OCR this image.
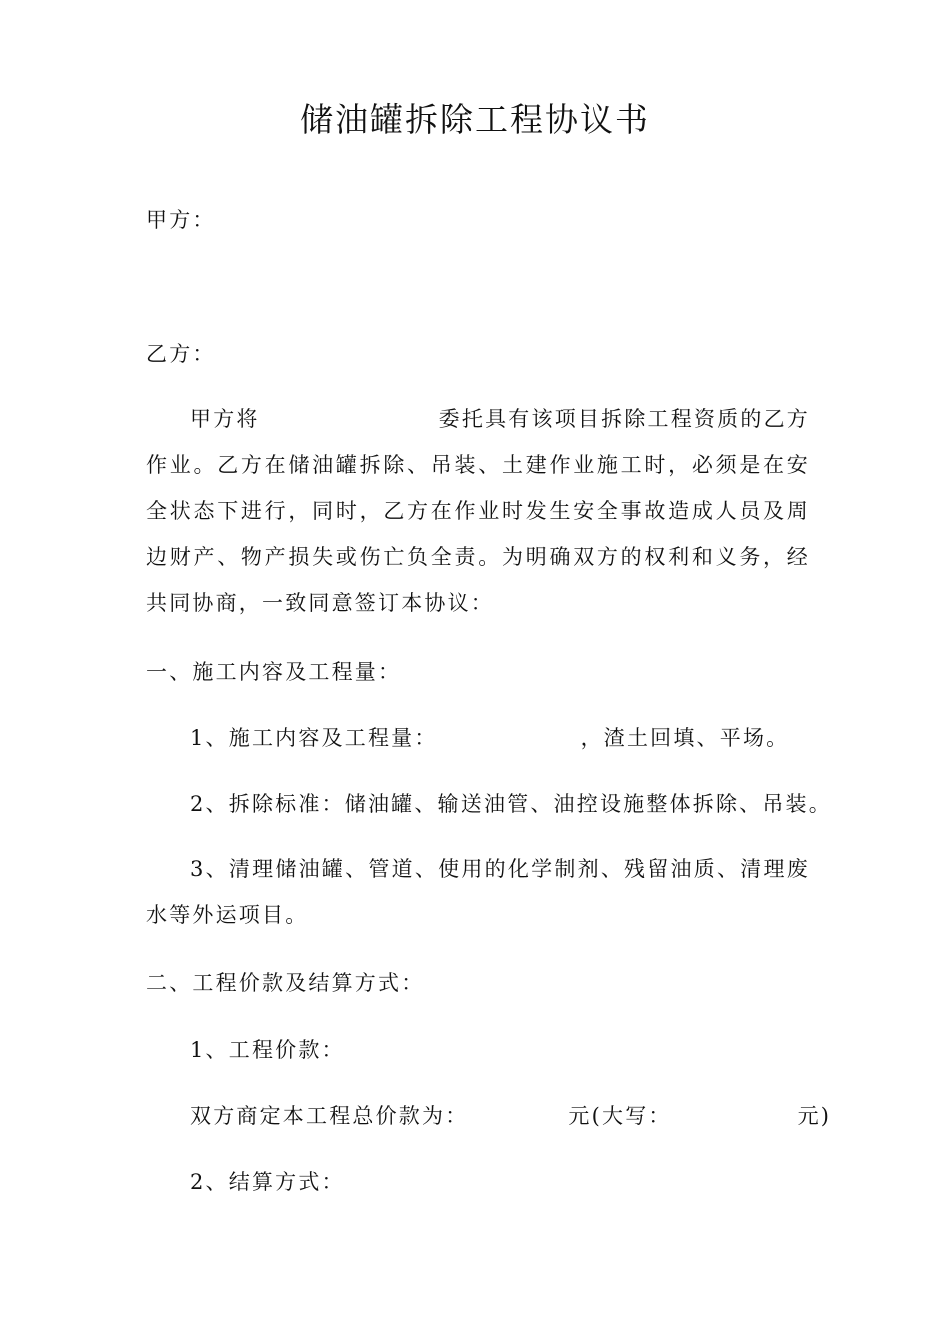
储油罐拆除工程协议书

甲方：

乙方：

甲方将	委托具有该项目拆除工程资质的乙方作业。乙方在储油罐拆除、吊装、土建作业施工时，必须是在安全状态下进行，同时，乙方在作业时发生安全事故造成人员及周边财产、物产损失或伤亡负全责。为明确双方的权利和义务，经共同协商，一致同意签订本协议：

一、施工内容及工程量：

1、施工内容及工程量：	，渣土回填、平场。

2、拆除标准：储油罐、输送油管、油控设施整体拆除、吊装。

3、清理储油罐、管道、使用的化学制剂、残留油质、清理废水等外运项目。

二、工程价款及结算方式：

1、工程价款：

双方商定本工程总价款为：	元(大写：	元)

2、结算方式：
